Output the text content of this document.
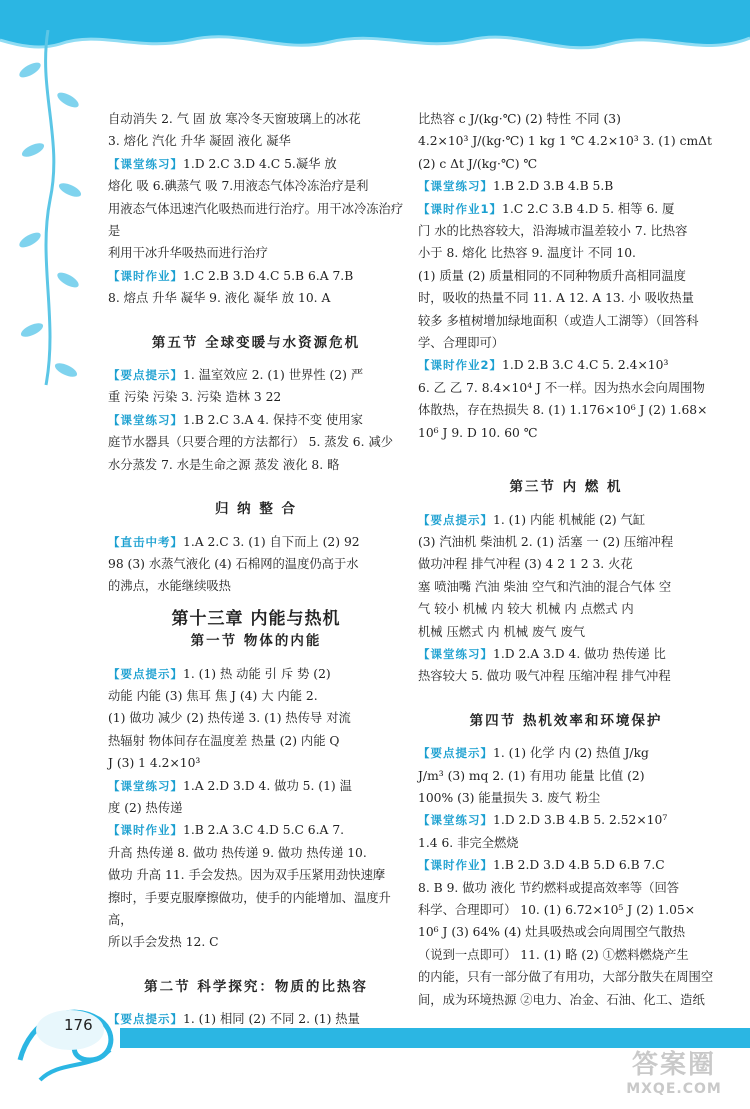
自动消失 2. 气 固 放 寒冷冬天窗玻璃上的冰花

3. 熔化 汽化 升华 凝固 液化 凝华

【课堂练习】1.D 2.C 3.D 4.C 5.凝华 放

熔化 吸 6.碘蒸气 吸 7.用液态气体冷冻治疗是利

用液态气体迅速汽化吸热而进行治疗。用干冰冷冻治疗是

利用干冰升华吸热而进行治疗

【课时作业】1.C 2.B 3.D 4.C 5.B 6.A 7.B

8. 熔点 升华 凝华 9. 液化 凝华 放 10. A

第五节 全球变暖与水资源危机

【要点提示】1. 温室效应 2. (1) 世界性 (2) 严

重 污染 污染 3. 污染 造林 3 22

【课堂练习】1.B 2.C 3.A 4. 保持不变 使用家

庭节水器具（只要合理的方法都行） 5. 蒸发 6. 减少

水分蒸发 7. 水是生命之源 蒸发 液化 8. 略

归 纳 整 合

【直击中考】1.A 2.C 3. (1) 自下而上 (2) 92

98 (3) 水蒸气液化 (4) 石棉网的温度仍高于水

的沸点，水能继续吸热

第十三章 内能与热机

第一节 物体的内能

【要点提示】1. (1) 热 动能 引 斥 势 (2)

动能 内能 (3) 焦耳 焦 J (4) 大 内能 2.

(1) 做功 减少 (2) 热传递 3. (1) 热传导 对流

热辐射 物体间存在温度差 热量 (2) 内能 Q

J (3) 1 4.2×10³

【课堂练习】1.A 2.D 3.D 4. 做功 5. (1) 温

度 (2) 热传递

【课时作业】1.B 2.A 3.C 4.D 5.C 6.A 7.

升高 热传递 8. 做功 热传递 9. 做功 热传递 10.

做功 升高 11. 手会发热。因为双手压紧用劲快速摩

擦时，手要克服摩擦做功，使手的内能增加、温度升高，

所以手会发热 12. C

第二节 科学探究：物质的比热容

【要点提示】1. (1) 相同 (2) 不同 2. (1) 热量

比热容 c J/(kg·℃) (2) 特性 不同 (3)

4.2×10³ J/(kg·℃) 1 kg 1 ℃ 4.2×10³ 3. (1) cmΔt

(2) c Δt J/(kg·℃) ℃

【课堂练习】1.B 2.D 3.B 4.B 5.B

【课时作业1】1.C 2.C 3.B 4.D 5. 相等 6. 厦

门 水的比热容较大，沿海城市温差较小 7. 比热容

小于 8. 熔化 比热容 9. 温度计 不同 10.

(1) 质量 (2) 质量相同的不同种物质升高相同温度

时，吸收的热量不同 11. A 12. A 13. 小 吸收热量

较多 多植树增加绿地面积（或造人工湖等）（回答科

学、合理即可）

【课时作业2】1.D 2.B 3.C 4.C 5. 2.4×10³

6. 乙 乙 7. 8.4×10⁴ J 不一样。因为热水会向周围物

体散热，存在热损失 8. (1) 1.176×10⁶ J (2) 1.68×

10⁶ J 9. D 10. 60 ℃

第三节 内 燃 机

【要点提示】1. (1) 内能 机械能 (2) 气缸

(3) 汽油机 柴油机 2. (1) 活塞 一 (2) 压缩冲程

做功冲程 排气冲程 (3) 4 2 1 2 3. 火花

塞 喷油嘴 汽油 柴油 空气和汽油的混合气体 空

气 较小 机械 内 较大 机械 内 点燃式 内

机械 压燃式 内 机械 废气 废气

【课堂练习】1.D 2.A 3.D 4. 做功 热传递 比

热容较大 5. 做功 吸气冲程 压缩冲程 排气冲程

第四节 热机效率和环境保护

【要点提示】1. (1) 化学 内 (2) 热值 J/kg

J/m³ (3) mq 2. (1) 有用功 能量 比值 (2)

100% (3) 能量损失 3. 废气 粉尘

【课堂练习】1.D 2.D 3.B 4.B 5. 2.52×10⁷

1.4 6. 非完全燃烧

【课时作业】1.B 2.D 3.D 4.B 5.D 6.B 7.C

8. B 9. 做功 液化 节约燃料或提高效率等（回答

科学、合理即可） 10. (1) 6.72×10⁵ J (2) 1.05×

10⁶ J (3) 64% (4) 灶具吸热或会向周围空气散热

（说到一点即可） 11. (1) 略 (2) ①燃料燃烧产生

的内能，只有一部分做了有用功，大部分散失在周围空

间，成为环境热源 ②电力、冶金、石油、化工、造纸

176
答案圈
MXQE.COM
